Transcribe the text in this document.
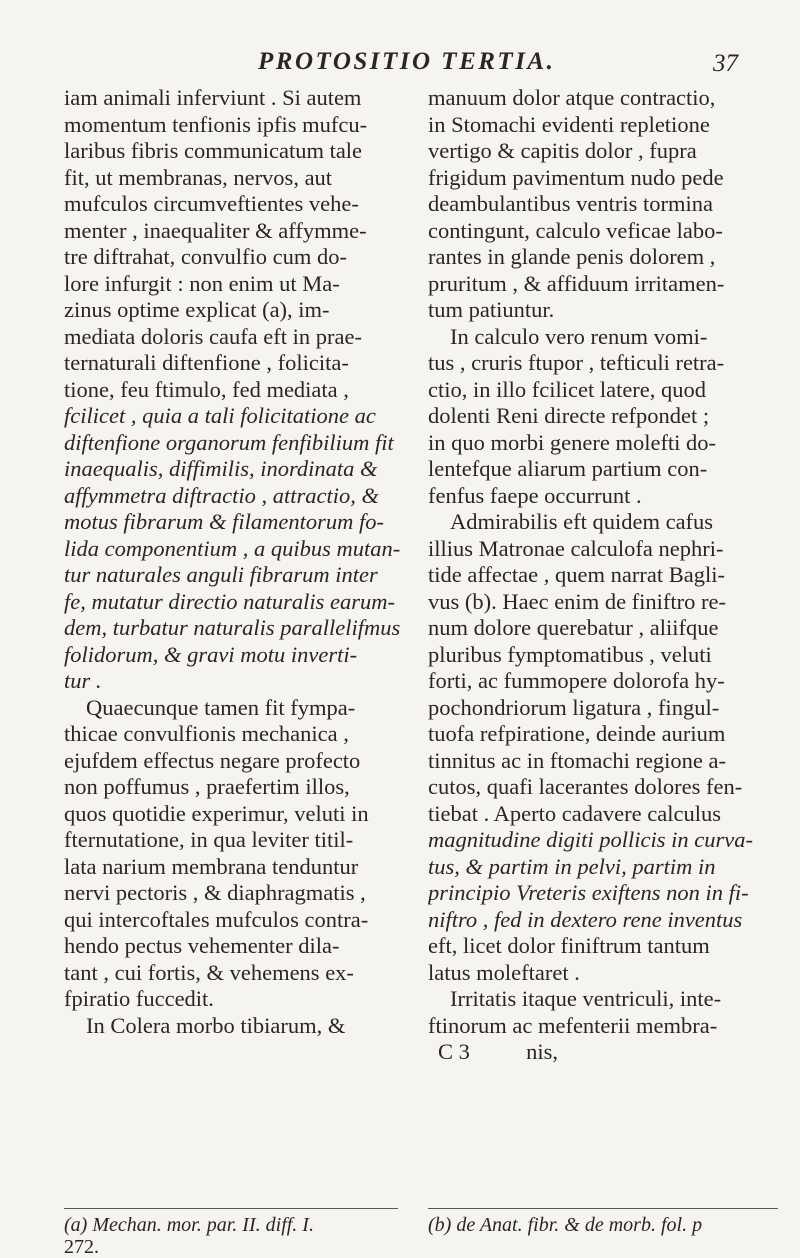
PROTOSITIO TERTIA.	37
iam animali inferviunt . Si autem
momentum tenfionis ipfis mufcu-
laribus fibris communicatum tale
fit, ut membranas, nervos, aut
mufculos circumveftientes vehe-
menter , inaequaliter & affymme-
tre diftrahat, convulfio cum do-
lore infurgit : non enim ut Ma-
zinus optime explicat (a), im-
mediata doloris caufa eft in prae-
ternaturali diftenfione , folicita-
tione, feu ftimulo, fed mediata ,
fcilicet , quia a tali folicitatione ac
diftenfione organorum fenfibilium fit
inaequalis, diffimilis, inordinata &
affymmetra diftractio , attractio, &
motus fibrarum & filamentorum fo-
lida componentium , a quibus mutan-
tur naturales anguli fibrarum inter
fe, mutatur directio naturalis earum-
dem, turbatur naturalis parallelifmus
folidorum, & gravi motu inverti-
tur .
Quaecunque tamen fit fympa-
thicae convulfionis mechanica ,
ejufdem effectus negare profecto
non poffumus , praefertim illos,
quos quotidie experimur, veluti in
fternutatione, in qua leviter titil-
lata narium membrana tenduntur
nervi pectoris , & diaphragmatis ,
qui intercoftales mufculos contra-
hendo pectus vehementer dila-
tant , cui fortis, & vehemens ex-
fpiratio fuccedit.
In Colera morbo tibiarum, &
manuum dolor atque contractio,
in Stomachi evidenti repletione
vertigo & capitis dolor , fupra
frigidum pavimentum nudo pede
deambulantibus ventris tormina
contingunt, calculo veficae labo-
rantes in glande penis dolorem ,
pruritum , & affiduum irritamen-
tum patiuntur.
In calculo vero renum vomi-
tus , cruris ftupor , tefticuli retra-
ctio, in illo fcilicet latere, quod
dolenti Reni directe refpondet ;
in quo morbi genere molefti do-
lentefque aliarum partium con-
fenfus faepe occurrunt .
Admirabilis eft quidem cafus
illius Matronae calculofa nephri-
tide affectae , quem narrat Bagli-
vus (b). Haec enim de finiftro re-
num dolore querebatur , aliifque
pluribus fymptomatibus , veluti
forti, ac fummopere dolorofa hy-
pochondriorum ligatura , fingul-
tuofa refpiratione, deinde aurium
tinnitus ac in ftomachi regione a-
cutos, quafi lacerantes dolores fen-
tiebat . Aperto cadavere calculus
magnitudine digiti pollicis in curva-
tus, & partim in pelvi, partim in
principio Vreteris exiftens non in fi-
niftro , fed in dextero rene inventus
eft, licet dolor finiftrum tantum
latus moleftaret .
Irritatis itaque ventriculi, inte-
ftinorum ac mefenterii membra-
C 3          nis,
(a) Mechan. mor. par. II. diff. I.
272.
(b) de Anat. fibr. & de morb. fol. p
